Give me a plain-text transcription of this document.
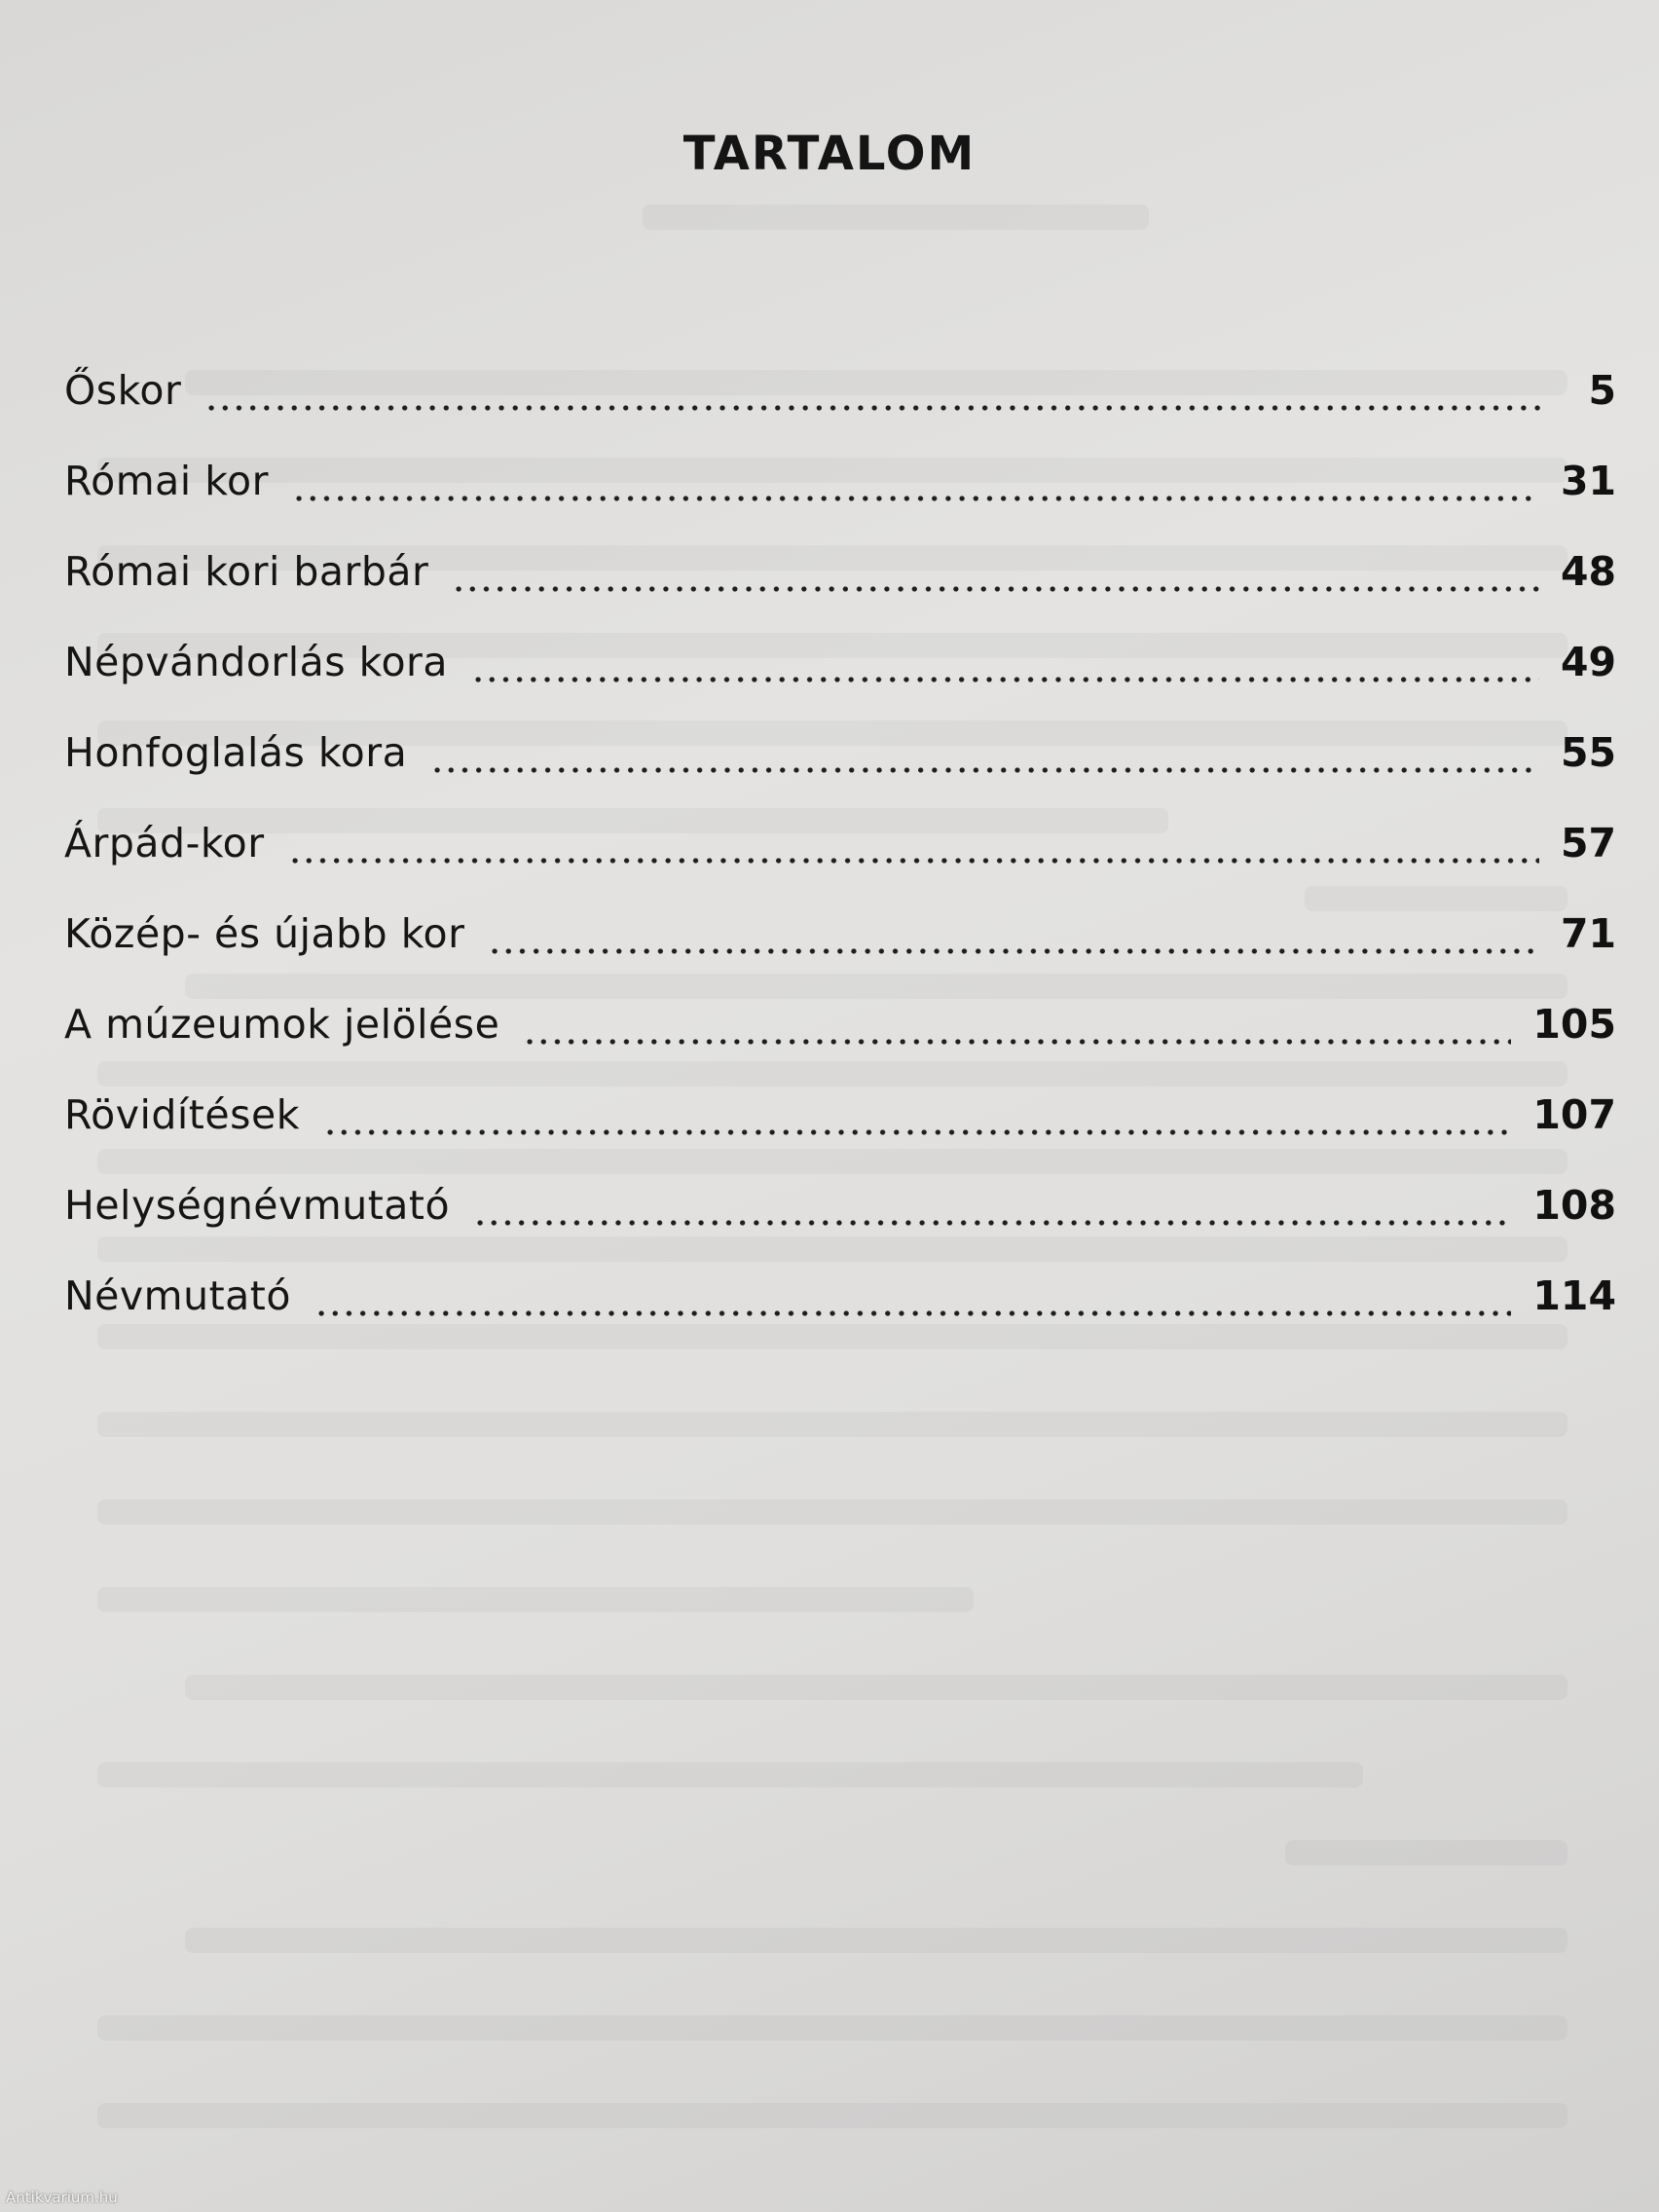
TARTALOM
Őskor	5
Római kor	31
Római kori barbár	48
Népvándorlás kora	49
Honfoglalás kora	55
Árpád-kor	57
Közép- és újabb kor	71
A múzeumok jelölése	105
Rövidítések	107
Helységnévmutató	108
Névmutató	114
Antikvarium.hu
